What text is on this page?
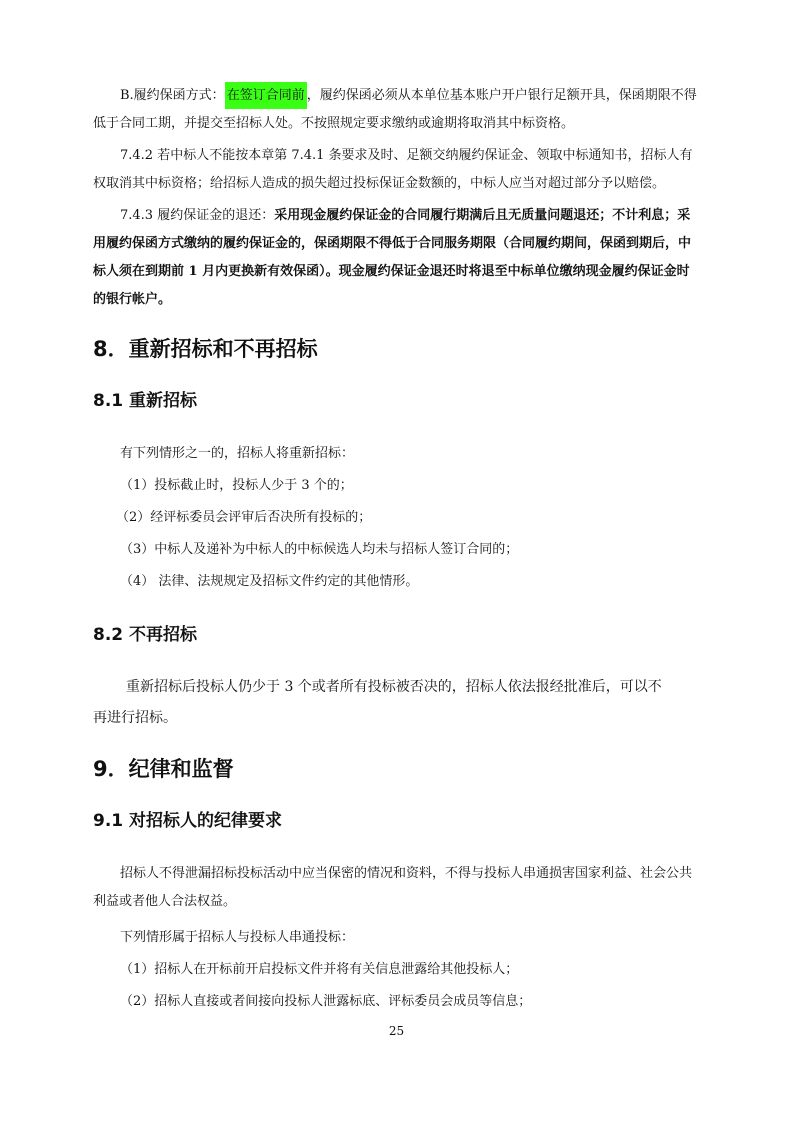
B.履约保函方式： 在签订合同前 ，履约保函必须从本单位基本账户开户银行足额开具，保函期限不得
低于合同工期，并提交至招标人处。不按照规定要求缴纳或逾期将取消其中标资格。
7.4.2 若中标人不能按本章第 7.4.1 条要求及时、足额交纳履约保证金、领取中标通知书，招标人有
权取消其中标资格；给招标人造成的损失超过投标保证金数额的，中标人应当对超过部分予以赔偿。
7.4.3 履约保证金的退还：采用现金履约保证金的合同履行期满后且无质量问题退还；不计利息；采
用履约保函方式缴纳的履约保证金的，保函期限不得低于合同服务期限（合同履约期间，保函到期后，中
标人须在到期前 1 月内更换新有效保函）。现金履约保证金退还时将退至中标单位缴纳现金履约保证金时
的银行帐户。
8．重新招标和不再招标
8.1 重新招标
有下列情形之一的，招标人将重新招标：
（1）投标截止时，投标人少于 3 个的；
（2）经评标委员会评审后否决所有投标的；
（3）中标人及递补为中标人的中标候选人均未与招标人签订合同的；
（4） 法律、法规规定及招标文件约定的其他情形。
8.2 不再招标
重新招标后投标人仍少于 3 个或者所有投标被否决的，招标人依法报经批准后，可以不
再进行招标。
9．纪律和监督
9.1 对招标人的纪律要求
招标人不得泄漏招标投标活动中应当保密的情况和资料，不得与投标人串通损害国家利益、社会公共
利益或者他人合法权益。
下列情形属于招标人与投标人串通投标：
（1）招标人在开标前开启投标文件并将有关信息泄露给其他投标人；
（2）招标人直接或者间接向投标人泄露标底、评标委员会成员等信息；
25
